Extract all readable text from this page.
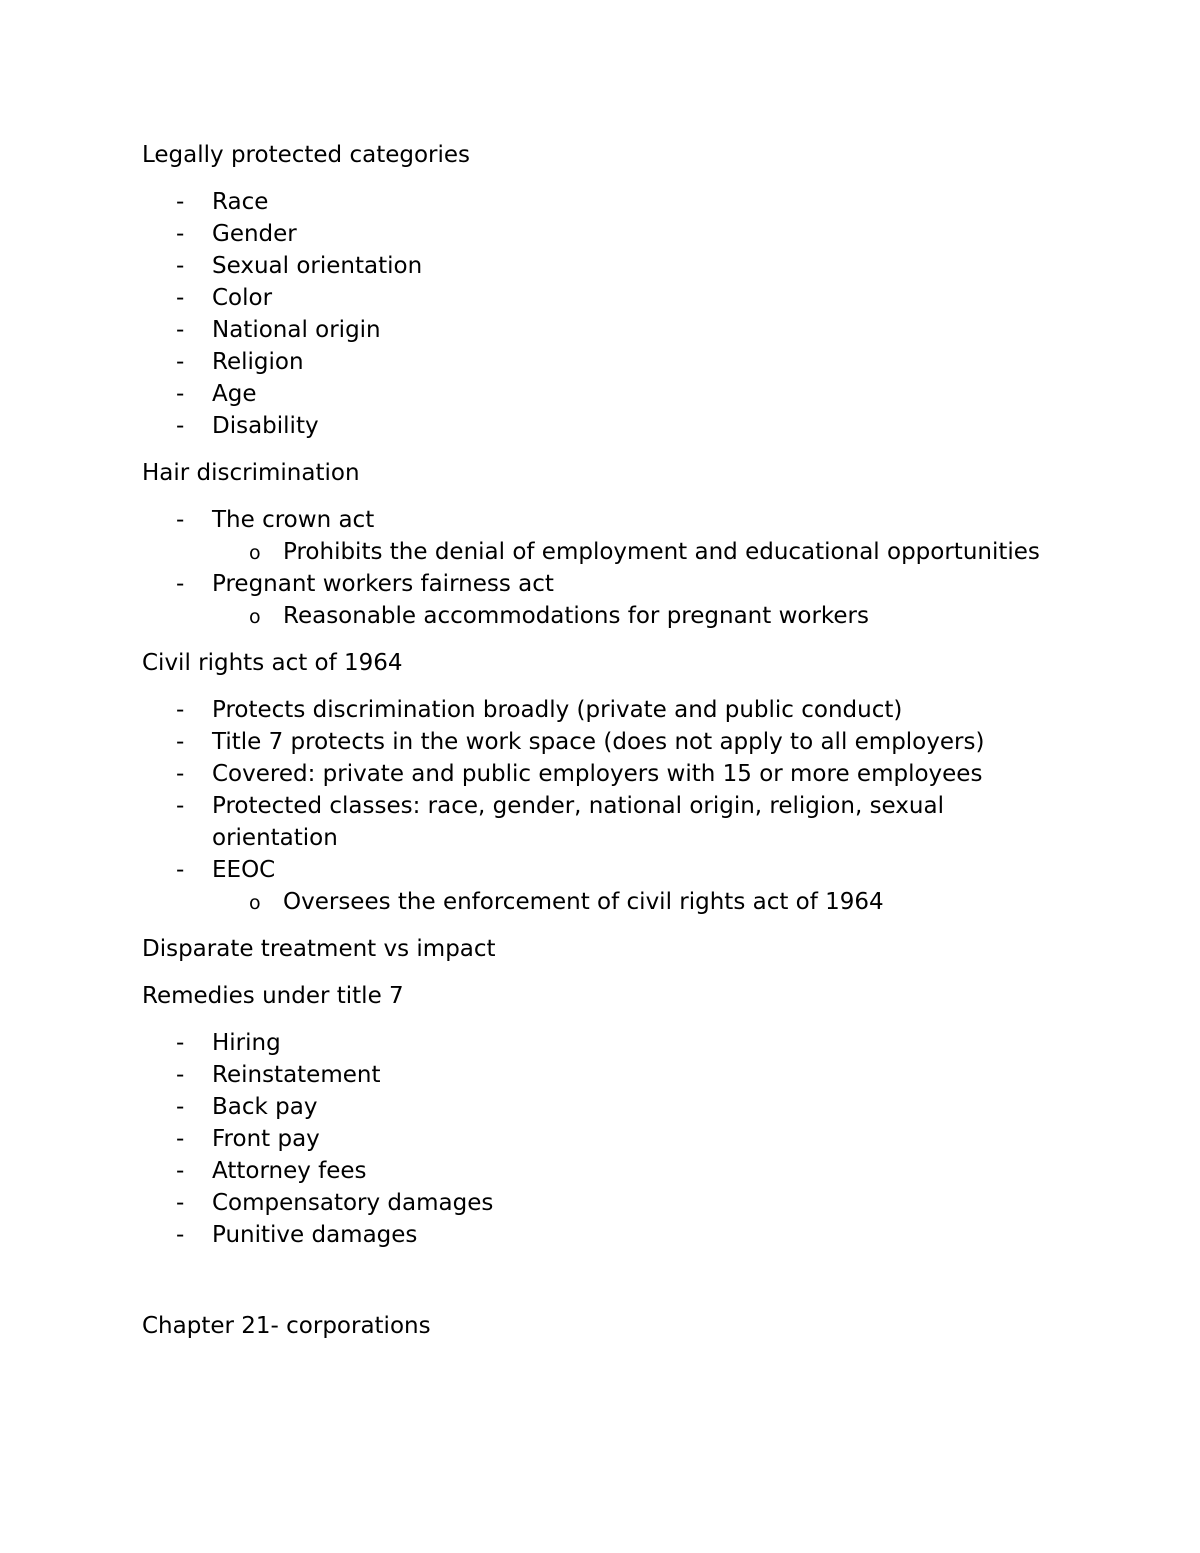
Legally protected categories
- Race
- Gender
- Sexual orientation
- Color
- National origin
- Religion
- Age
- Disability
Hair discrimination
- The crown act
o Prohibits the denial of employment and educational opportunities
- Pregnant workers fairness act
o Reasonable accommodations for pregnant workers
Civil rights act of 1964
- Protects discrimination broadly (private and public conduct)
- Title 7 protects in the work space (does not apply to all employers)
- Covered: private and public employers with 15 or more employees
- Protected classes: race, gender, national origin, religion, sexual orientation
- EEOC
o Oversees the enforcement of civil rights act of 1964
Disparate treatment vs impact
Remedies under title 7
- Hiring
- Reinstatement
- Back pay
- Front pay
- Attorney fees
- Compensatory damages
- Punitive damages
Chapter 21- corporations
